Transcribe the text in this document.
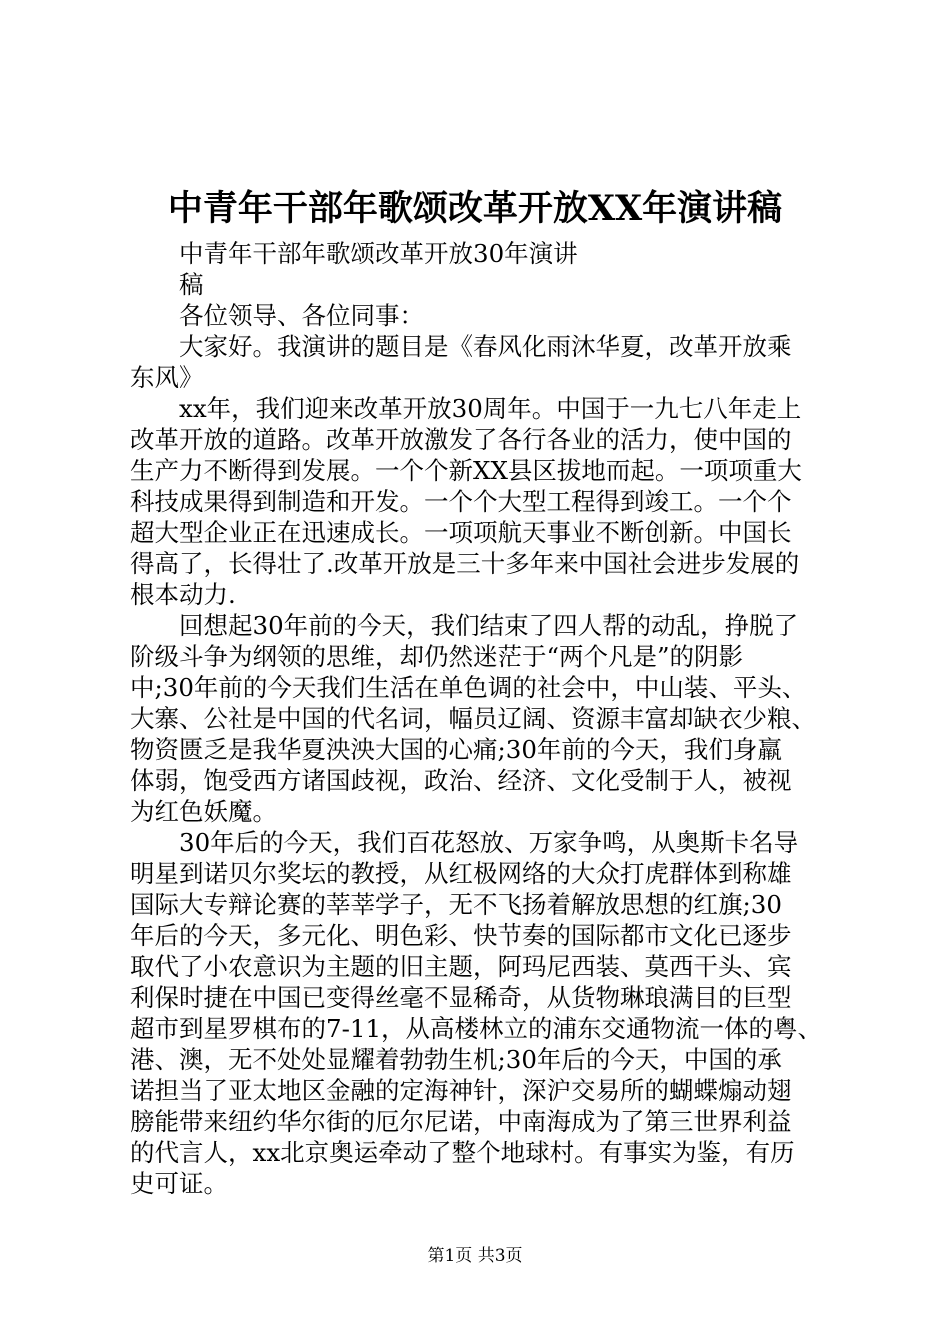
中青年干部年歌颂改革开放XX年演讲稿
　　中青年干部年歌颂改革开放30年演讲
　　稿
　　各位领导、各位同事：
　　大家好。我演讲的题目是《春风化雨沐华夏，改革开放乘
东风》
　　xx年，我们迎来改革开放30周年。中国于一九七八年走上
改革开放的道路。改革开放激发了各行各业的活力，使中国的
生产力不断得到发展。一个个新XX县区拔地而起。一项项重大
科技成果得到制造和开发。一个个大型工程得到竣工。一个个
超大型企业正在迅速成长。一项项航天事业不断创新。中国长
得高了，长得壮了.改革开放是三十多年来中国社会进步发展的
根本动力.
　　回想起30年前的今天，我们结束了四人帮的动乱，挣脱了
阶级斗争为纲领的思维，却仍然迷茫于“两个凡是”的阴影
中;30年前的今天我们生活在单色调的社会中，中山装、平头、
大寨、公社是中国的代名词，幅员辽阔、资源丰富却缺衣少粮、
物资匮乏是我华夏泱泱大国的心痛;30年前的今天，我们身羸
体弱，饱受西方诸国歧视，政治、经济、文化受制于人，被视
为红色妖魔。
　　30年后的今天，我们百花怒放、万家争鸣，从奥斯卡名导
明星到诺贝尔奖坛的教授，从红极网络的大众打虎群体到称雄
国际大专辩论赛的莘莘学子，无不飞扬着解放思想的红旗;30
年后的今天，多元化、明色彩、快节奏的国际都市文化已逐步
取代了小农意识为主题的旧主题，阿玛尼西装、莫西干头、宾
利保时捷在中国已变得丝毫不显稀奇，从货物琳琅满目的巨型
超市到星罗棋布的7-11，从高楼林立的浦东交通物流一体的粤、
港、澳，无不处处显耀着勃勃生机;30年后的今天，中国的承
诺担当了亚太地区金融的定海神针，深沪交易所的蝴蝶煽动翅
膀能带来纽约华尔街的厄尔尼诺，中南海成为了第三世界利益
的代言人，xx北京奥运牵动了整个地球村。有事实为鉴，有历
史可证。
第1页 共3页
